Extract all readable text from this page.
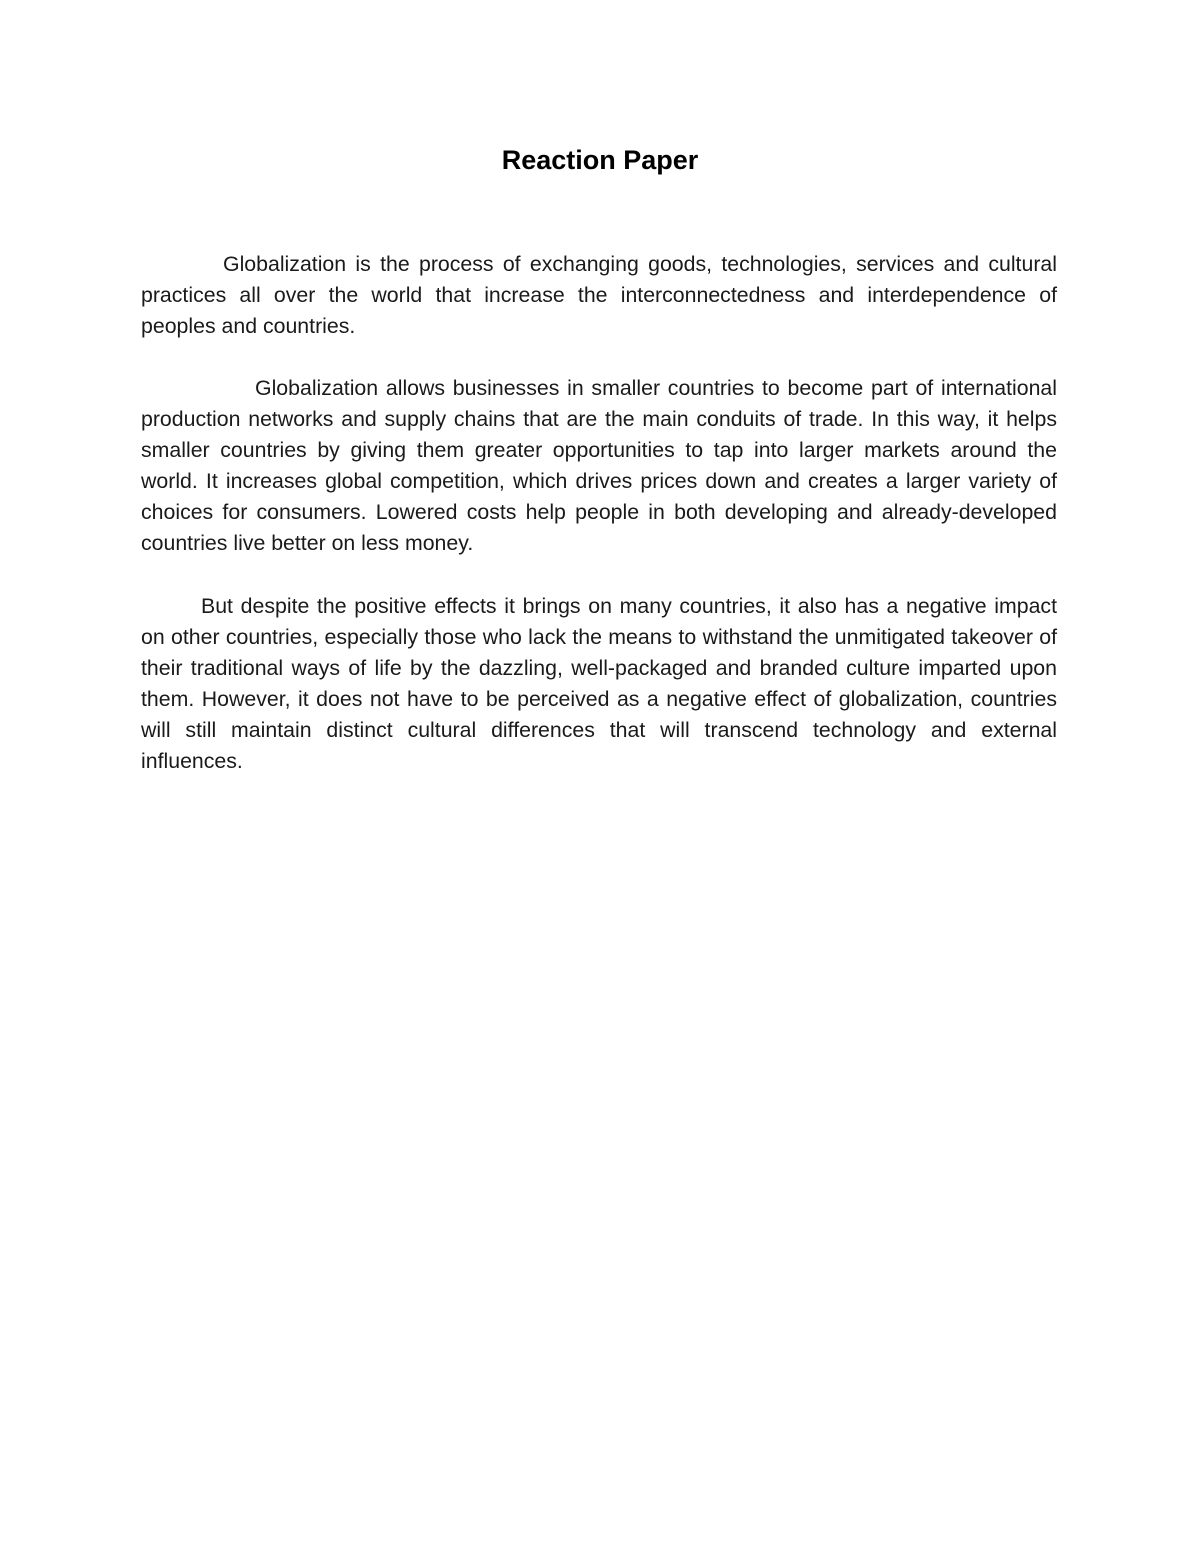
Reaction Paper

Globalization is the process of exchanging goods, technologies, services and cultural practices all over the world that increase the interconnectedness and interdependence of peoples and countries.

Globalization allows businesses in smaller countries to become part of international production networks and supply chains that are the main conduits of trade. In this way, it helps smaller countries by giving them greater opportunities to tap into larger markets around the world. It increases global competition, which drives prices down and creates a larger variety of choices for consumers. Lowered costs help people in both developing and already-developed countries live better on less money.

But despite the positive effects it brings on many countries, it also has a negative impact on other countries, especially those who lack the means to withstand the unmitigated takeover of their traditional ways of life by the dazzling, well-packaged and branded culture imparted upon them. However, it does not have to be perceived as a negative effect of globalization, countries will still maintain distinct cultural differences that will transcend technology and external influences.
